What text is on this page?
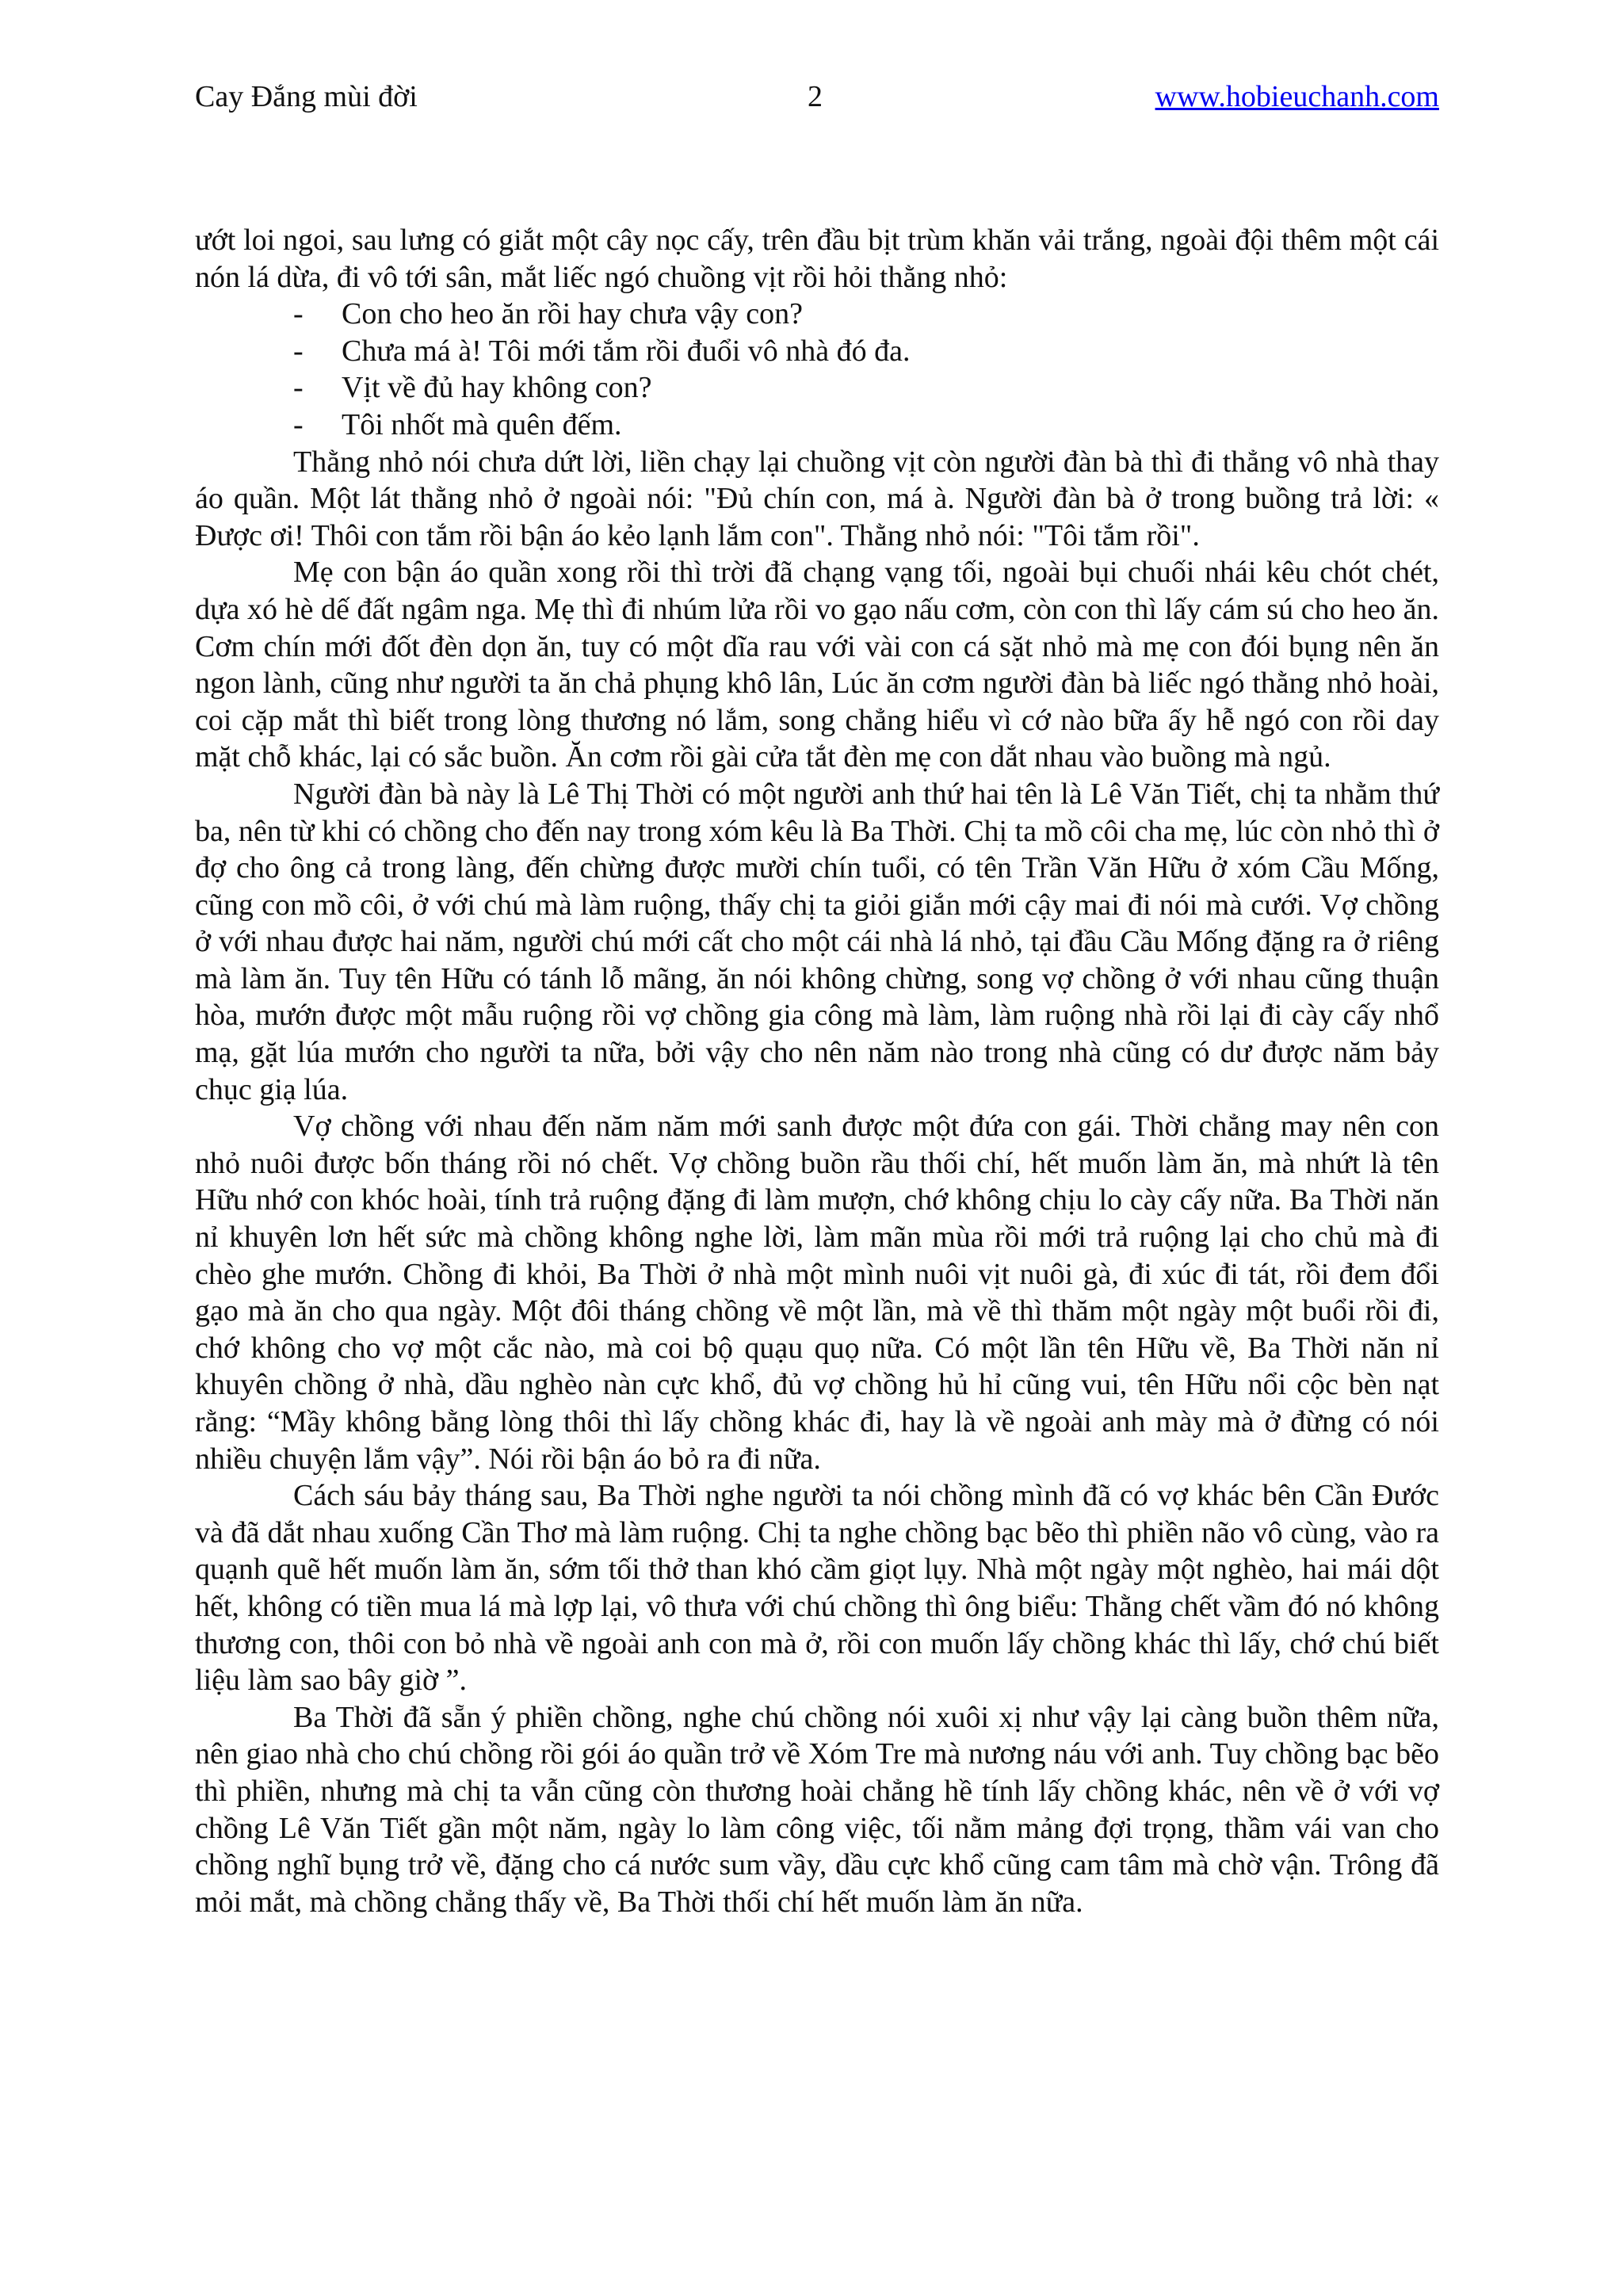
Cay Đắng mùi đời	2	www.hobieuchanh.com

ướt loi ngoi, sau lưng có giắt một cây nọc cấy, trên đầu bịt trùm khăn vải trắng, ngoài đội thêm một cái nón lá dừa, đi vô tới sân, mắt liếc ngó chuồng vịt rồi hỏi thằng nhỏ:

- Con cho heo ăn rồi hay chưa vậy con?
- Chưa má à! Tôi mới tắm rồi đuổi vô nhà đó đa.
- Vịt về đủ hay không con?
- Tôi nhốt mà quên đếm.

Thằng nhỏ nói chưa dứt lời, liền chạy lại chuồng vịt còn người đàn bà thì đi thẳng vô nhà thay áo quần. Một lát thằng nhỏ ở ngoài nói: "Đủ chín con, má à. Người đàn bà ở trong buồng trả lời: « Được ơi! Thôi con tắm rồi bận áo kẻo lạnh lắm con". Thằng nhỏ nói: "Tôi tắm rồi".

Mẹ con bận áo quần xong rồi thì trời đã chạng vạng tối, ngoài bụi chuối nhái kêu chót chét, dựa xó hè dế đất ngâm nga. Mẹ thì đi nhúm lửa rồi vo gạo nấu cơm, còn con thì lấy cám sú cho heo ăn. Cơm chín mới đốt đèn dọn ăn, tuy có một dĩa rau với vài con cá sặt nhỏ mà mẹ con đói bụng nên ăn ngon lành, cũng như người ta ăn chả phụng khô lân, Lúc ăn cơm người đàn bà liếc ngó thằng nhỏ hoài, coi cặp mắt thì biết trong lòng thương nó lắm, song chẳng hiểu vì cớ nào bữa ấy hễ ngó con rồi day mặt chỗ khác, lại có sắc buồn. Ăn cơm rồi gài cửa tắt đèn mẹ con dắt nhau vào buồng mà ngủ.

Người đàn bà này là Lê Thị Thời có một người anh thứ hai tên là Lê Văn Tiết, chị ta nhằm thứ ba, nên từ khi có chồng cho đến nay trong xóm kêu là Ba Thời. Chị ta mồ côi cha mẹ, lúc còn nhỏ thì ở đợ cho ông cả trong làng, đến chừng được mười chín tuổi, có tên Trần Văn Hữu ở xóm Cầu Mống, cũng con mồ côi, ở với chú mà làm ruộng, thấy chị ta giỏi giắn mới cậy mai đi nói mà cưới. Vợ chồng ở với nhau được hai năm, người chú mới cất cho một cái nhà lá nhỏ, tại đầu Cầu Mống đặng ra ở riêng mà làm ăn. Tuy tên Hữu có tánh lỗ mãng, ăn nói không chừng, song vợ chồng ở với nhau cũng thuận hòa, mướn được một mẫu ruộng rồi vợ chồng gia công mà làm, làm ruộng nhà rồi lại đi cày cấy nhổ mạ, gặt lúa mướn cho người ta nữa, bởi vậy cho nên năm nào trong nhà cũng có dư được năm bảy chục giạ lúa.

Vợ chồng với nhau đến năm năm mới sanh được một đứa con gái. Thời chẳng may nên con nhỏ nuôi được bốn tháng rồi nó chết. Vợ chồng buồn rầu thối chí, hết muốn làm ăn, mà nhứt là tên Hữu nhớ con khóc hoài, tính trả ruộng đặng đi làm mượn, chớ không chịu lo cày cấy nữa. Ba Thời năn nỉ khuyên lơn hết sức mà chồng không nghe lời, làm mãn mùa rồi mới trả ruộng lại cho chủ mà đi chèo ghe mướn. Chồng đi khỏi, Ba Thời ở nhà một mình nuôi vịt nuôi gà, đi xúc đi tát, rồi đem đổi gạo mà ăn cho qua ngày. Một đôi tháng chồng về một lần, mà về thì thăm một ngày một buổi rồi đi, chớ không cho vợ một cắc nào, mà coi bộ quạu quọ nữa. Có một lần tên Hữu về, Ba Thời năn nỉ khuyên chồng ở nhà, dầu nghèo nàn cực khổ, đủ vợ chồng hủ hỉ cũng vui, tên Hữu nổi cộc bèn nạt rằng: “Mầy không bằng lòng thôi thì lấy chồng khác đi, hay là về ngoài anh mày mà ở đừng có nói nhiều chuyện lắm vậy”. Nói rồi bận áo bỏ ra đi nữa.

Cách sáu bảy tháng sau, Ba Thời nghe người ta nói chồng mình đã có vợ khác bên Cần Đước và đã dắt nhau xuống Cần Thơ mà làm ruộng. Chị ta nghe chồng bạc bẽo thì phiền não vô cùng, vào ra quạnh quẽ hết muốn làm ăn, sớm tối thở than khó cầm giọt lụy. Nhà một ngày một nghèo, hai mái dột hết, không có tiền mua lá mà lợp lại, vô thưa với chú chồng thì ông biểu: Thằng chết vầm đó nó không thương con, thôi con bỏ nhà về ngoài anh con mà ở, rồi con muốn lấy chồng khác thì lấy, chớ chú biết liệu làm sao bây giờ ”.

Ba Thời đã sẵn ý phiền chồng, nghe chú chồng nói xuôi xị như vậy lại càng buồn thêm nữa, nên giao nhà cho chú chồng rồi gói áo quần trở về Xóm Tre mà nương náu với anh. Tuy chồng bạc bẽo thì phiền, nhưng mà chị ta vẫn cũng còn thương hoài chẳng hề tính lấy chồng khác, nên về ở với vợ chồng Lê Văn Tiết gần một năm, ngày lo làm công việc, tối nằm mảng đợi trọng, thầm vái van cho chồng nghĩ bụng trở về, đặng cho cá nước sum vầy, dầu cực khổ cũng cam tâm mà chờ vận. Trông đã mỏi mắt, mà chồng chẳng thấy về, Ba Thời thối chí hết muốn làm ăn nữa.
